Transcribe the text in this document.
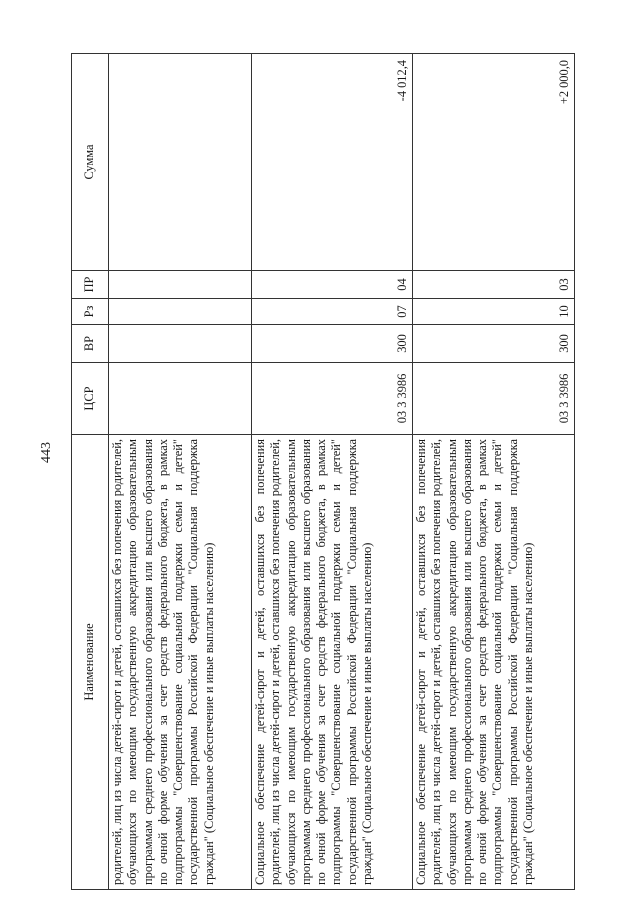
443
Наименование	ЦСР	ВР	Рз	ПР	Сумма
родителей, лиц из числа детей-сирот и детей, оставшихся без попечения родителей, обучающихся по имеющим государственную аккредитацию образовательным программам среднего профессионального образования или высшего образования по очной форме обучения за счет средств федерального бюджета, в рамках подпрограммы "Совершенствование социальной поддержки семьи и детей" государственной программы Российской Федерации "Социальная поддержка граждан" (Социальное обеспечение и иные выплаты населению)					
Социальное обеспечение детей-сирот и детей, оставшихся без попечения родителей, лиц из числа детей-сирот и детей, оставшихся без попечения родителей, обучающихся по имеющим государственную аккредитацию образовательным программам среднего профессионального образования или высшего образования по очной форме обучения за счет средств федерального бюджета, в рамках подпрограммы "Совершенствование социальной поддержки семьи и детей" государственной программы Российской Федерации "Социальная поддержка граждан" (Социальное обеспечение и иные выплаты населению)	03 3 3986	300	07	04	-4 012,4
Социальное обеспечение детей-сирот и детей, оставшихся без попечения родителей, лиц из числа детей-сирот и детей, оставшихся без попечения родителей, обучающихся по имеющим государственную аккредитацию образовательным программам среднего профессионального образования или высшего образования по очной форме обучения за счет средств федерального бюджета, в рамках подпрограммы "Совершенствование социальной поддержки семьи и детей" государственной программы Российской Федерации "Социальная поддержка граждан" (Социальное обеспечение и иные выплаты населению)	03 3 3986	300	10	03	+2 000,0
